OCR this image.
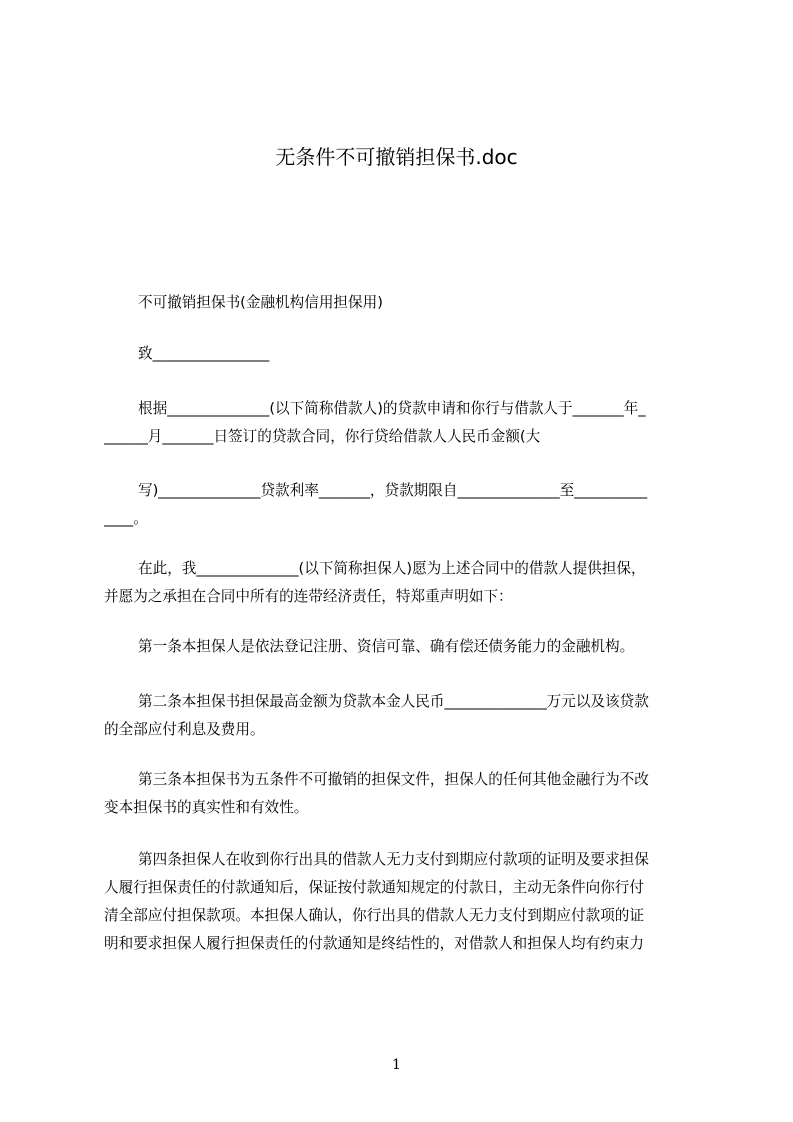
无条件不可撤销担保书.doc
不可撤销担保书(金融机构信用担保用)
致________________
根据______________(以下简称借款人)的贷款申请和你行与借款人于_______年_
______月_______日签订的贷款合同，你行贷给借款人人民币金额(大
写)______________贷款利率_______，贷款期限自______________至__________
____。
在此，我______________(以下简称担保人)愿为上述合同中的借款人提供担保，
并愿为之承担在合同中所有的连带经济责任，特郑重声明如下：
第一条本担保人是依法登记注册、资信可靠、确有偿还债务能力的金融机构。
第二条本担保书担保最高金额为贷款本金人民币______________万元以及该贷款
的全部应付利息及费用。
第三条本担保书为五条件不可撤销的担保文件，担保人的任何其他金融行为不改
变本担保书的真实性和有效性。
第四条担保人在收到你行出具的借款人无力支付到期应付款项的证明及要求担保
人履行担保责任的付款通知后，保证按付款通知规定的付款日，主动无条件向你行付
清全部应付担保款项。本担保人确认，你行出具的借款人无力支付到期应付款项的证
明和要求担保人履行担保责任的付款通知是终结性的，对借款人和担保人均有约束力
1
